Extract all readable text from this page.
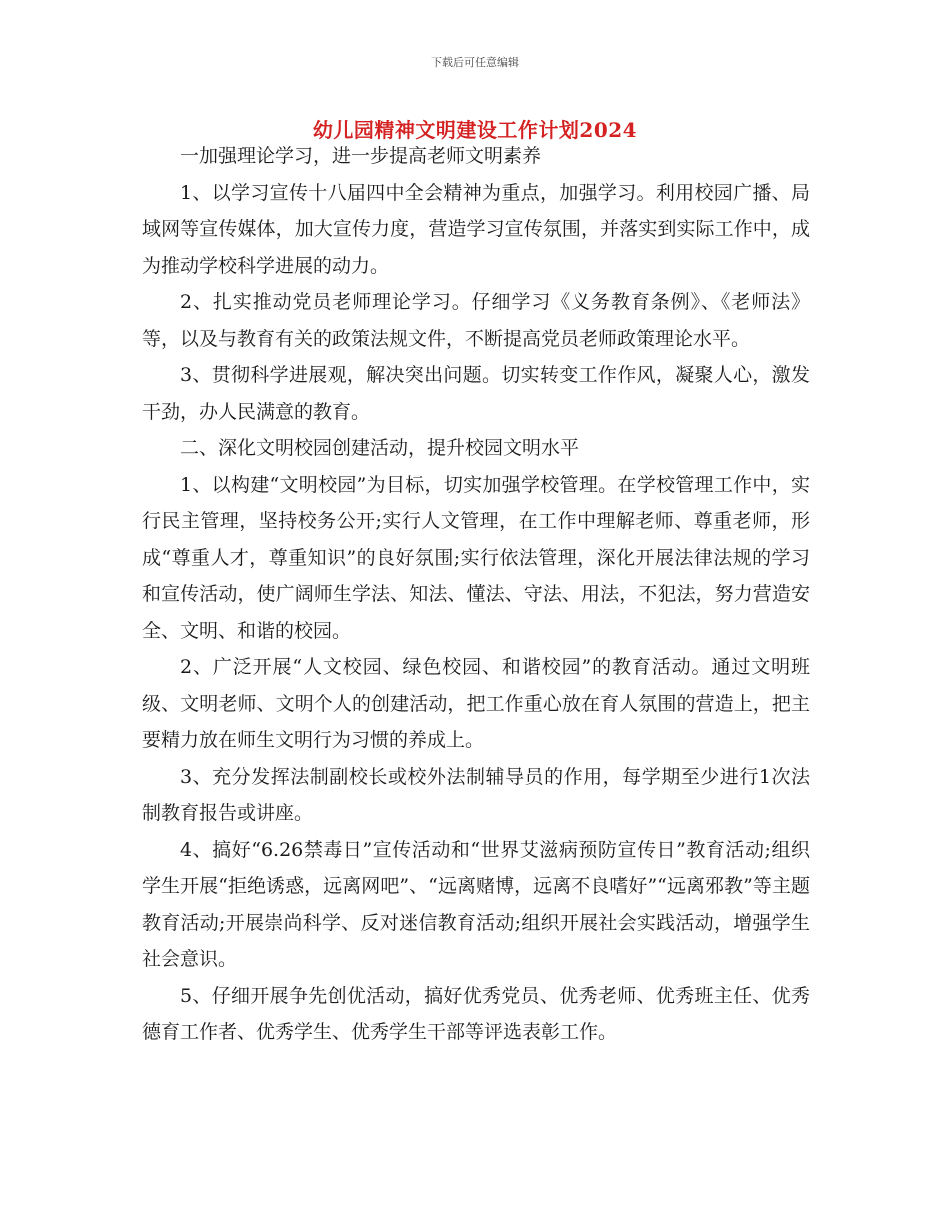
下载后可任意编辑
幼儿园精神文明建设工作计划2024

一加强理论学习，进一步提高老师文明素养

1、以学习宣传十八届四中全会精神为重点，加强学习。利用校园广播、局域网等宣传媒体，加大宣传力度，营造学习宣传氛围，并落实到实际工作中，成为推动学校科学进展的动力。

2、扎实推动党员老师理论学习。仔细学习《义务教育条例》、《老师法》等，以及与教育有关的政策法规文件，不断提高党员老师政策理论水平。

3、贯彻科学进展观，解决突出问题。切实转变工作作风，凝聚人心，激发干劲，办人民满意的教育。

二、深化文明校园创建活动，提升校园文明水平

1、以构建“文明校园”为目标，切实加强学校管理。在学校管理工作中，实行民主管理，坚持校务公开;实行人文管理，在工作中理解老师、尊重老师，形成“尊重人才，尊重知识”的良好氛围;实行依法管理，深化开展法律法规的学习和宣传活动，使广阔师生学法、知法、懂法、守法、用法，不犯法，努力营造安全、文明、和谐的校园。

2、广泛开展“人文校园、绿色校园、和谐校园”的教育活动。通过文明班级、文明老师、文明个人的创建活动，把工作重心放在育人氛围的营造上，把主要精力放在师生文明行为习惯的养成上。

3、充分发挥法制副校长或校外法制辅导员的作用，每学期至少进行1次法制教育报告或讲座。

4、搞好“6.26禁毒日”宣传活动和“世界艾滋病预防宣传日”教育活动;组织学生开展“拒绝诱惑，远离网吧”、“远离赌博，远离不良嗜好”“远离邪教”等主题教育活动;开展崇尚科学、反对迷信教育活动;组织开展社会实践活动，增强学生社会意识。

5、仔细开展争先创优活动，搞好优秀党员、优秀老师、优秀班主任、优秀德育工作者、优秀学生、优秀学生干部等评选表彰工作。
